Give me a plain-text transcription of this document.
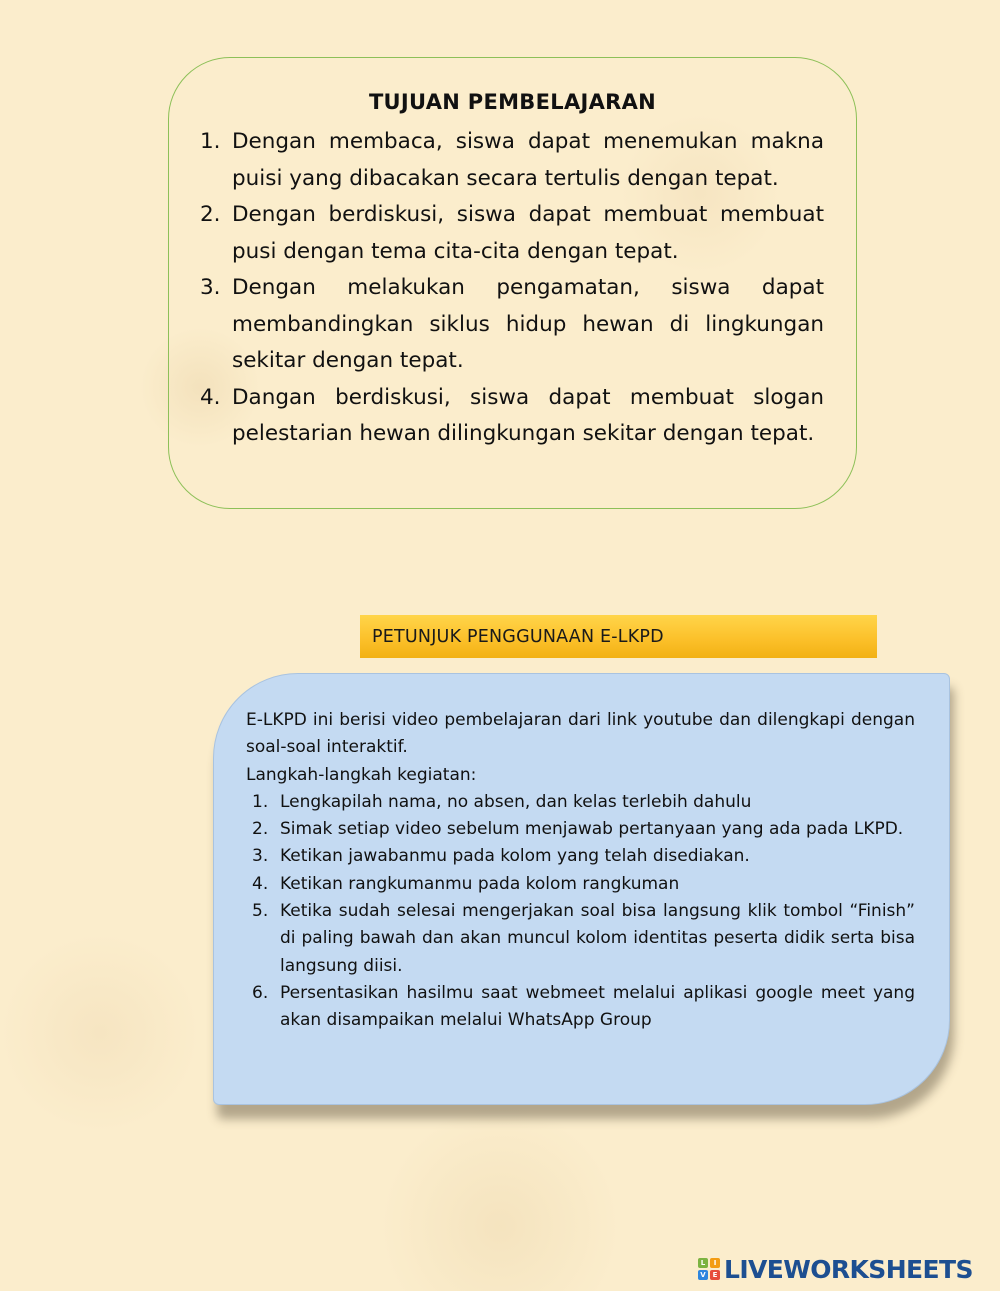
TUJUAN PEMBELAJARAN
1. Dengan membaca, siswa dapat menemukan makna puisi yang dibacakan secara tertulis dengan tepat.
2. Dengan berdiskusi, siswa dapat membuat membuat pusi dengan tema cita-cita dengan tepat.
3. Dengan melakukan pengamatan, siswa dapat membandingkan siklus hidup hewan di lingkungan sekitar dengan tepat.
4. Dangan berdiskusi, siswa dapat membuat slogan pelestarian hewan dilingkungan sekitar dengan tepat.
PETUNJUK PENGGUNAAN E-LKPD

E-LKPD ini berisi video pembelajaran dari link youtube dan dilengkapi dengan soal-soal interaktif.

Langkah-langkah kegiatan:

1. Lengkapilah nama, no absen, dan kelas terlebih dahulu
2. Simak setiap video sebelum menjawab pertanyaan yang ada pada LKPD.
3. Ketikan jawabanmu pada kolom yang telah disediakan.
4. Ketikan rangkumanmu pada kolom rangkuman
5. Ketika sudah selesai mengerjakan soal bisa langsung klik tombol “Finish” di paling bawah dan akan muncul kolom identitas peserta didik serta bisa langsung diisi.
6. Persentasikan hasilmu saat webmeet melalui aplikasi google meet yang akan disampaikan melalui WhatsApp Group
L	I
V E LIVEWORKSHEETS
